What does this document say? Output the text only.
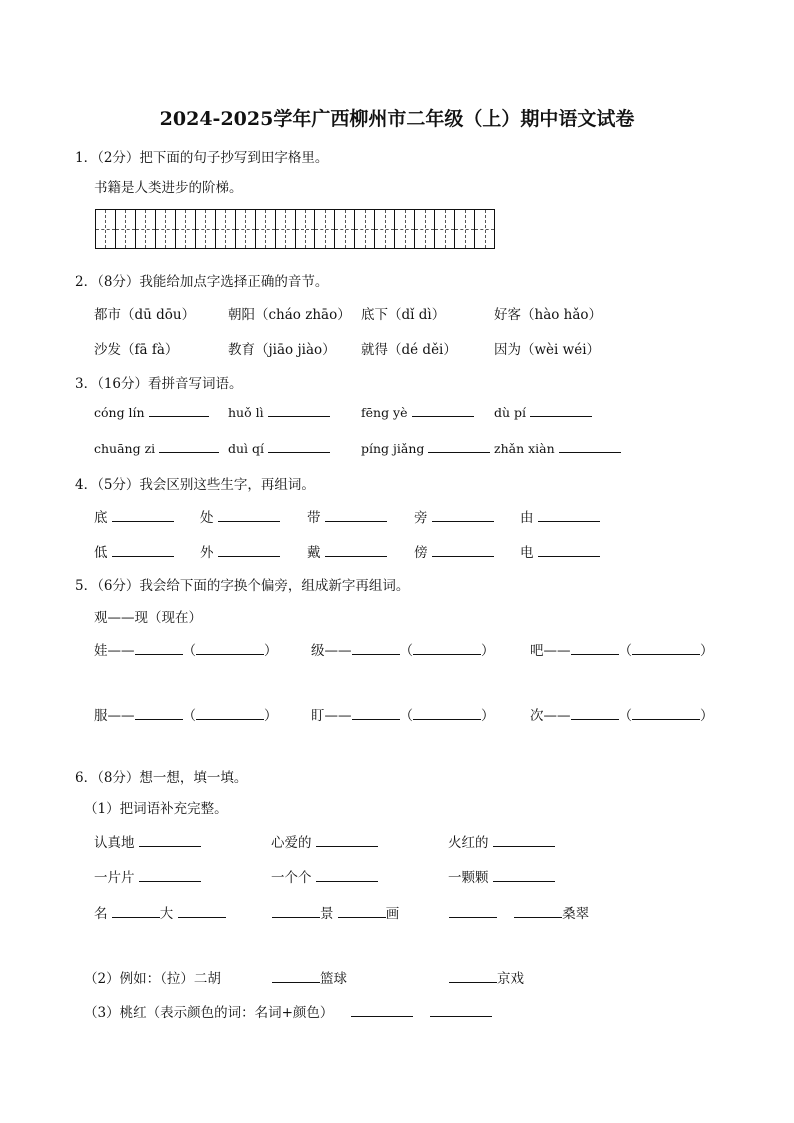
2024-2025学年广西柳州市二年级（上）期中语文试卷
1．（2分）把下面的句子抄写到田字格里。
书籍是人类进步的阶梯。
2．（8分）我能给加点字选择正确的音节。
都市（dū dōu） 朝阳（cháo zhāo） 底下（dǐ dì）	好客（hào hǎo）
沙发（fā fà）	教育（jiāo jiào） 就得（dé děi）	因为（wèi wéi）
3．（16分）看拼音写词语。
cóng lín	huǒ lì	fēng yè	dù pí
chuāng zi	duì qí	píng jiǎng	zhǎn xiàn
4．（5分）我会区别这些生字，再组词。
底	处	带	旁	由
低	外	戴	傍	电
5．（6分）我会给下面的字换个偏旁，组成新字再组词。
观——现（现在）
娃——	（	） 级——	（	）	吧——	（	）
服——	（	） 盯——	（	）	次——	（	）
6．（8分）想一想，填一填。
（1）把词语补充完整。
认真地	心爱的	火红的
一片片	一个个	一颗颗
名	大	景	画	桑翠
（2）例如：（拉）二胡	篮球	京戏
（3）桃红（表示颜色的词：名词+颜色）
